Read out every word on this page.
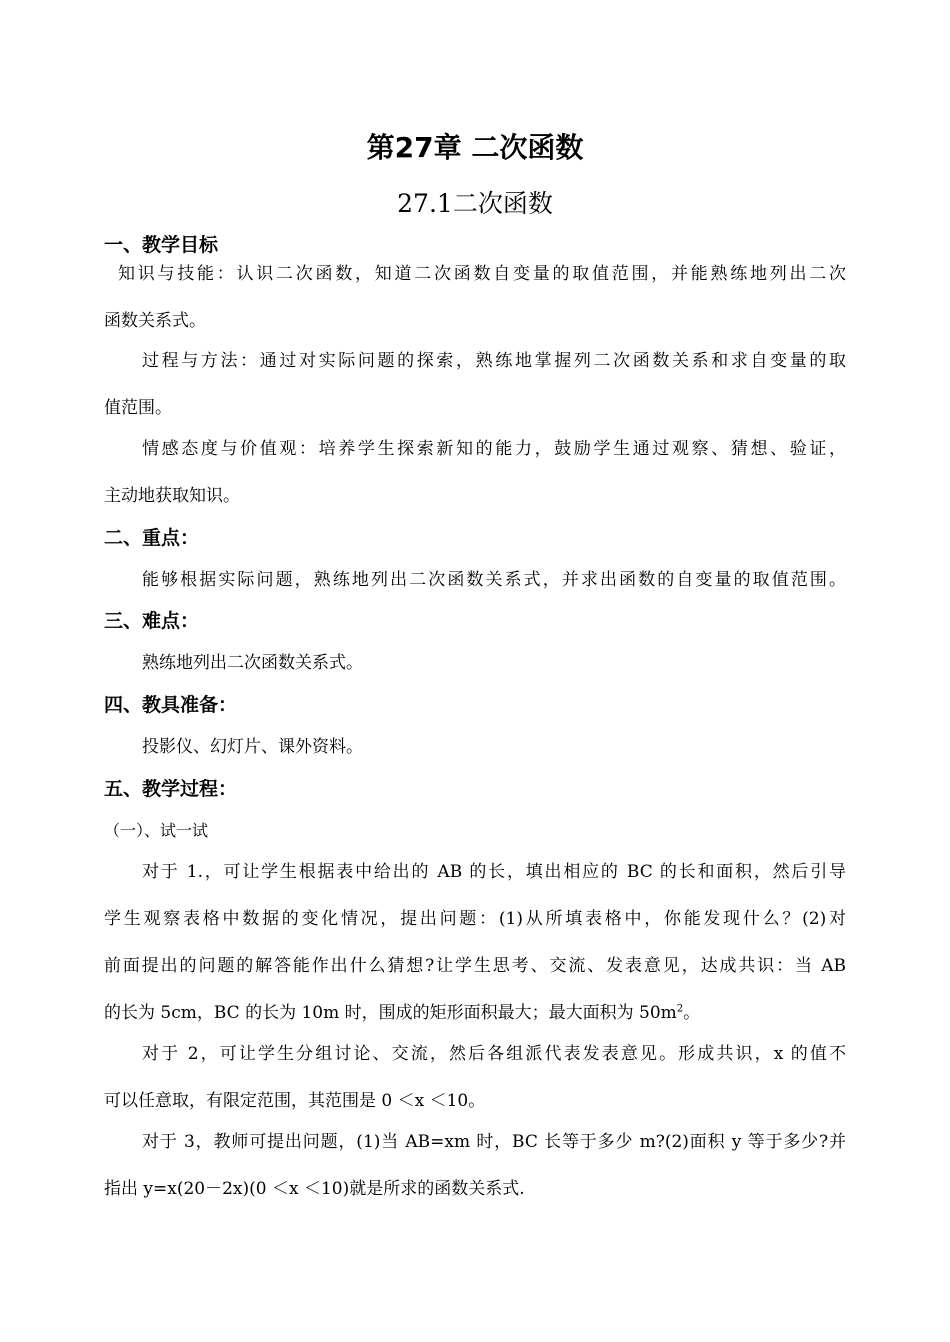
第27章 二次函数
27.1二次函数
一、教学目标
知识与技能：认识二次函数，知道二次函数自变量的取值范围，并能熟练地列出二次
函数关系式。
过程与方法：通过对实际问题的探索，熟练地掌握列二次函数关系和求自变量的取
值范围。
情感态度与价值观：培养学生探索新知的能力，鼓励学生通过观察、猜想、验证，
主动地获取知识。
二、重点：
能够根据实际问题，熟练地列出二次函数关系式，并求出函数的自变量的取值范围。
三、难点：
熟练地列出二次函数关系式。
四、教具准备：
投影仪、幻灯片、课外资料。
五、教学过程：
（一）、试一试
对于 1.，可让学生根据表中给出的 AB 的长，填出相应的 BC 的长和面积，然后引导
学生观察表格中数据的变化情况，提出问题：(1)从所填表格中，你能发现什么？(2)对
前面提出的问题的解答能作出什么猜想?让学生思考、交流、发表意见，达成共识：当 AB
的长为 5cm，BC 的长为 10m 时，围成的矩形面积最大；最大面积为 $50m^2$。
对于 2，可让学生分组讨论、交流，然后各组派代表发表意见。形成共识，x 的值不
可以任意取，有限定范围，其范围是 0 ＜x ＜10。
对于 3，教师可提出问题，(1)当 AB=xm 时，BC 长等于多少 m?(2)面积 y 等于多少?并
指出 y=x(20－2x)(0 ＜x ＜10)就是所求的函数关系式.
